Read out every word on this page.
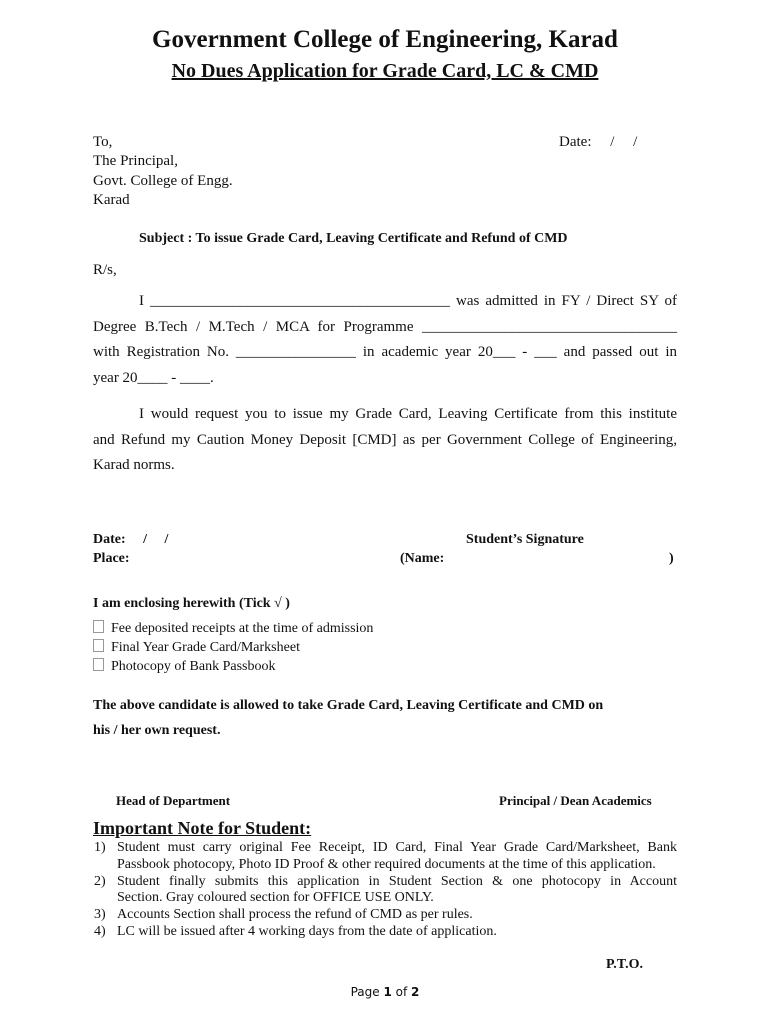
Government College of Engineering, Karad
No Dues Application for Grade Card, LC & CMD
To,
The Principal,
Govt. College of Engg.
Karad
Date:     /     /
Subject : To issue Grade Card, Leaving Certificate and Refund of CMD
R/s,
I ________________________________________ was admitted in FY / Direct SY of
Degree B.Tech / M.Tech / MCA for Programme __________________________________
with Registration No. ________________ in academic year 20___ - ___ and passed out in
year 20____ - ____.
I would request you to issue my Grade Card, Leaving Certificate from this institute
and Refund my Caution Money Deposit [CMD] as per Government College of Engineering,
Karad norms.
Date:     /     /
Place:
Student’s Signature
(Name:	)
I am enclosing herewith (Tick √ )
Fee deposited receipts at the time of admission
Final Year Grade Card/Marksheet
Photocopy of Bank Passbook
The above candidate is allowed to take Grade Card, Leaving Certificate and CMD on
his / her own request.
Head of Department	Principal / Dean Academics
Important Note for Student:
1) Student must carry original Fee Receipt, ID Card, Final Year Grade Card/Marksheet, Bank
Passbook photocopy, Photo ID Proof & other required documents at the time of this application.
2) Student finally submits this application in Student Section & one photocopy in Account
Section. Gray coloured section for OFFICE USE ONLY.
3) Accounts Section shall process the refund of CMD as per rules.
4) LC will be issued after 4 working days from the date of application.
P.T.O.
Page 1 of 2
